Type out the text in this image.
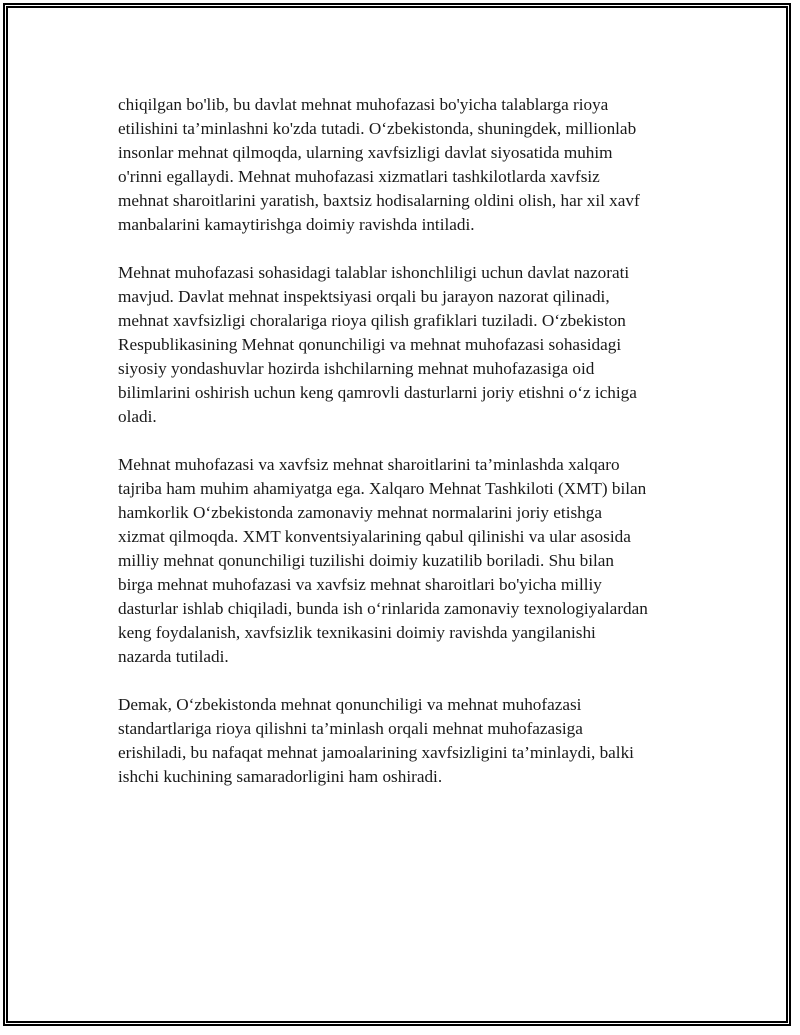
chiqilgan bo'lib, bu davlat mehnat muhofazasi bo'yicha talablarga rioya
etilishini ta’minlashni ko'zda tutadi. O‘zbekistonda, shuningdek, millionlab
insonlar mehnat qilmoqda, ularning xavfsizligi davlat siyosatida muhim
o'rinni egallaydi. Mehnat muhofazasi xizmatlari tashkilotlarda xavfsiz
mehnat sharoitlarini yaratish, baxtsiz hodisalarning oldini olish, har xil xavf
manbalarini kamaytirishga doimiy ravishda intiladi.

Mehnat muhofazasi sohasidagi talablar ishonchliligi uchun davlat nazorati
mavjud. Davlat mehnat inspektsiyasi orqali bu jarayon nazorat qilinadi,
mehnat xavfsizligi choralariga rioya qilish grafiklari tuziladi. O‘zbekiston
Respublikasining Mehnat qonunchiligi va mehnat muhofazasi sohasidagi
siyosiy yondashuvlar hozirda ishchilarning mehnat muhofazasiga oid
bilimlarini oshirish uchun keng qamrovli dasturlarni joriy etishni o‘z ichiga
oladi.

Mehnat muhofazasi va xavfsiz mehnat sharoitlarini ta’minlashda xalqaro
tajriba ham muhim ahamiyatga ega. Xalqaro Mehnat Tashkiloti (XMT) bilan
hamkorlik O‘zbekistonda zamonaviy mehnat normalarini joriy etishga
xizmat qilmoqda. XMT konventsiyalarining qabul qilinishi va ular asosida
milliy mehnat qonunchiligi tuzilishi doimiy kuzatilib boriladi. Shu bilan
birga mehnat muhofazasi va xavfsiz mehnat sharoitlari bo'yicha milliy
dasturlar ishlab chiqiladi, bunda ish o‘rinlarida zamonaviy texnologiyalardan
keng foydalanish, xavfsizlik texnikasini doimiy ravishda yangilanishi
nazarda tutiladi.

Demak, O‘zbekistonda mehnat qonunchiligi va mehnat muhofazasi
standartlariga rioya qilishni ta’minlash orqali mehnat muhofazasiga
erishiladi, bu nafaqat mehnat jamoalarining xavfsizligini ta’minlaydi, balki
ishchi kuchining samaradorligini ham oshiradi.
